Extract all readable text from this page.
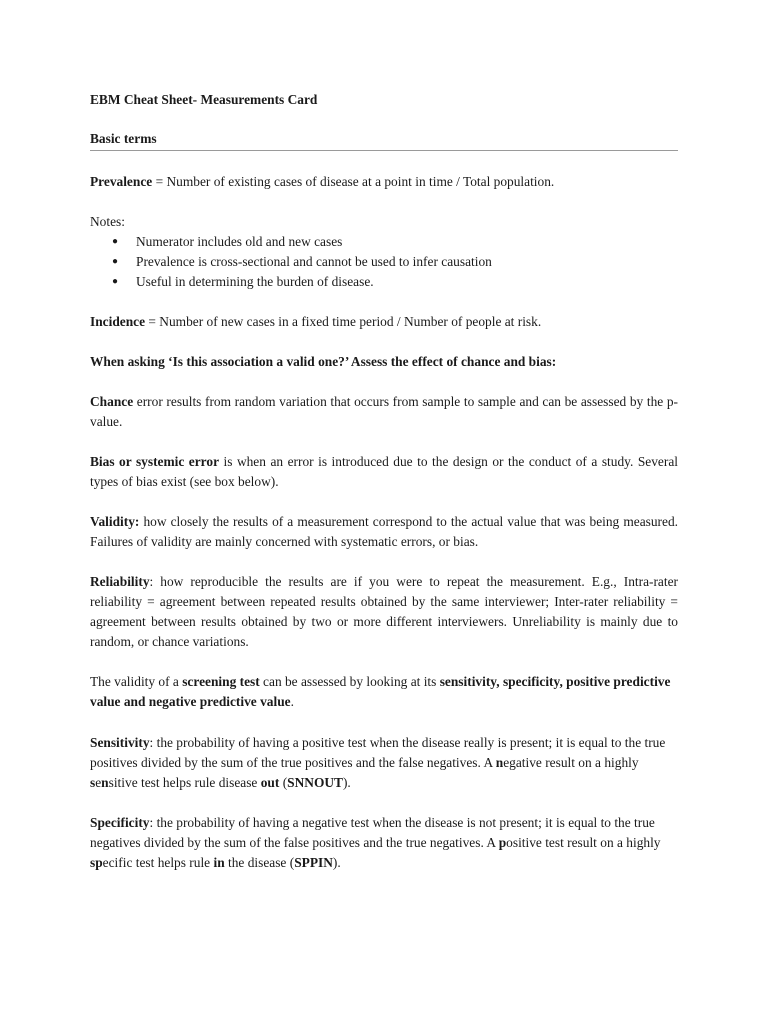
EBM Cheat Sheet- Measurements Card

Basic terms

Prevalence = Number of existing cases of disease at a point in time / Total population.

Notes:

● Numerator includes old and new cases
● Prevalence is cross-sectional and cannot be used to infer causation
● Useful in determining the burden of disease.

Incidence = Number of new cases in a fixed time period / Number of people at risk.

When asking ‘Is this association a valid one?’ Assess the effect of chance and bias:

Chance error results from random variation that occurs from sample to sample and can be assessed by the p-value.

Bias or systemic error is when an error is introduced due to the design or the conduct of a study. Several types of bias exist (see box below).

Validity: how closely the results of a measurement correspond to the actual value that was being measured. Failures of validity are mainly concerned with systematic errors, or bias.

Reliability: how reproducible the results are if you were to repeat the measurement. E.g., Intra-rater reliability = agreement between repeated results obtained by the same interviewer; Inter-rater reliability = agreement between results obtained by two or more different interviewers. Unreliability is mainly due to random, or chance variations.

The validity of a screening test can be assessed by looking at its sensitivity, specificity, positive predictive value and negative predictive value.

Sensitivity: the probability of having a positive test when the disease really is present; it is equal to the true positives divided by the sum of the true positives and the false negatives. A negative result on a highly sensitive test helps rule disease out (SNNOUT).

Specificity: the probability of having a negative test when the disease is not present; it is equal to the true negatives divided by the sum of the false positives and the true negatives. A positive test result on a highly specific test helps rule in the disease (SPPIN).
